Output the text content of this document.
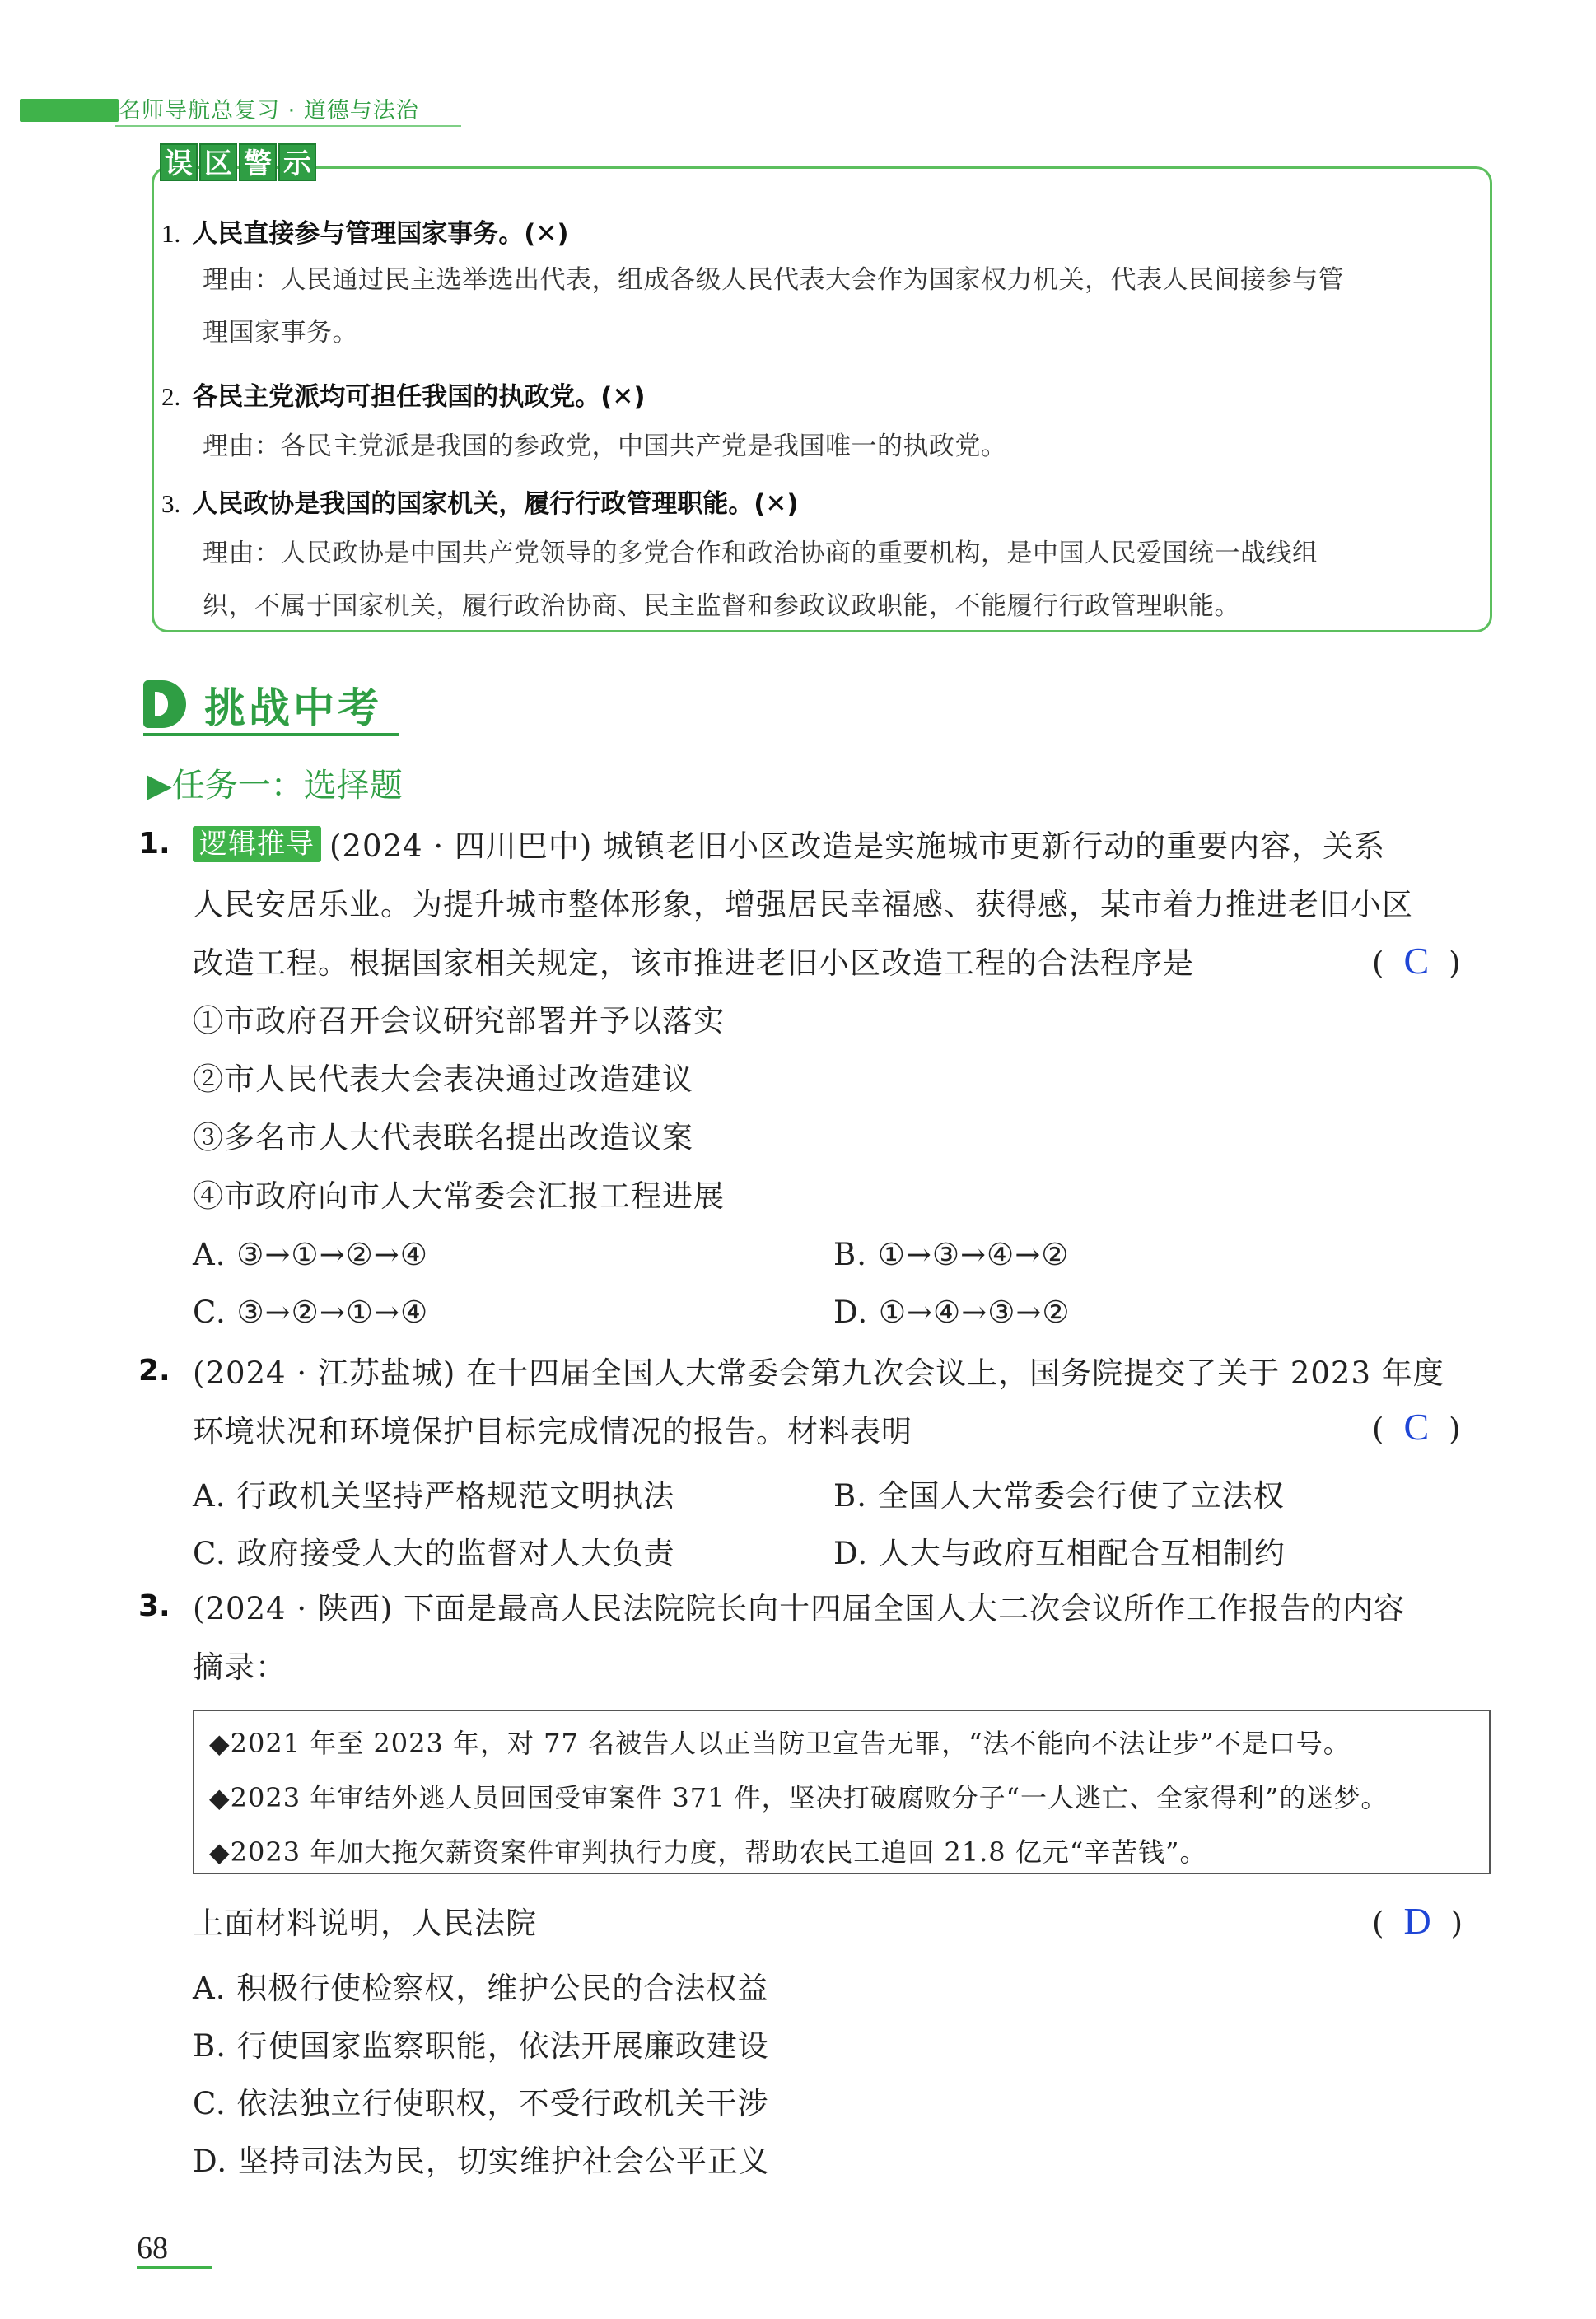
名师导航总复习 · 道德与法治
误 区 警 示
1. 人民直接参与管理国家事务。(✕)
理由：人民通过民主选举选出代表，组成各级人民代表大会作为国家权力机关，代表人民间接参与管
理国家事务。
2. 各民主党派均可担任我国的执政党。(✕)
理由：各民主党派是我国的参政党，中国共产党是我国唯一的执政党。
3. 人民政协是我国的国家机关，履行行政管理职能。(✕)
理由：人民政协是中国共产党领导的多党合作和政治协商的重要机构，是中国人民爱国统一战线组
织，不属于国家机关，履行政治协商、民主监督和参政议政职能，不能履行行政管理职能。
挑战中考
▶任务一：选择题
1. 逻辑推导 (2024 · 四川巴中) 城镇老旧小区改造是实施城市更新行动的重要内容，关系
人民安居乐业。为提升城市整体形象，增强居民幸福感、获得感，某市着力推进老旧小区
改造工程。根据国家相关规定，该市推进老旧小区改造工程的合法程序是	( C )
①市政府召开会议研究部署并予以落实
②市人民代表大会表决通过改造建议
③多名市人大代表联名提出改造议案
④市政府向市人大常委会汇报工程进展
A. ③→①→②→④	B. ①→③→④→②
C. ③→②→①→④	D. ①→④→③→②
2. (2024 · 江苏盐城) 在十四届全国人大常委会第九次会议上，国务院提交了关于 2023 年度
环境状况和环境保护目标完成情况的报告。材料表明	( C )
A. 行政机关坚持严格规范文明执法	B. 全国人大常委会行使了立法权
C. 政府接受人大的监督对人大负责	D. 人大与政府互相配合互相制约
3. (2024 · 陕西) 下面是最高人民法院院长向十四届全国人大二次会议所作工作报告的内容
摘录：
◆2021 年至 2023 年，对 77 名被告人以正当防卫宣告无罪，“法不能向不法让步”不是口号。
◆2023 年审结外逃人员回国受审案件 371 件，坚决打破腐败分子“一人逃亡、全家得利”的迷梦。
◆2023 年加大拖欠薪资案件审判执行力度，帮助农民工追回 21.8 亿元“辛苦钱”。
上面材料说明，人民法院	( D )
A. 积极行使检察权，维护公民的合法权益
B. 行使国家监察职能，依法开展廉政建设
C. 依法独立行使职权，不受行政机关干涉
D. 坚持司法为民，切实维护社会公平正义
68
